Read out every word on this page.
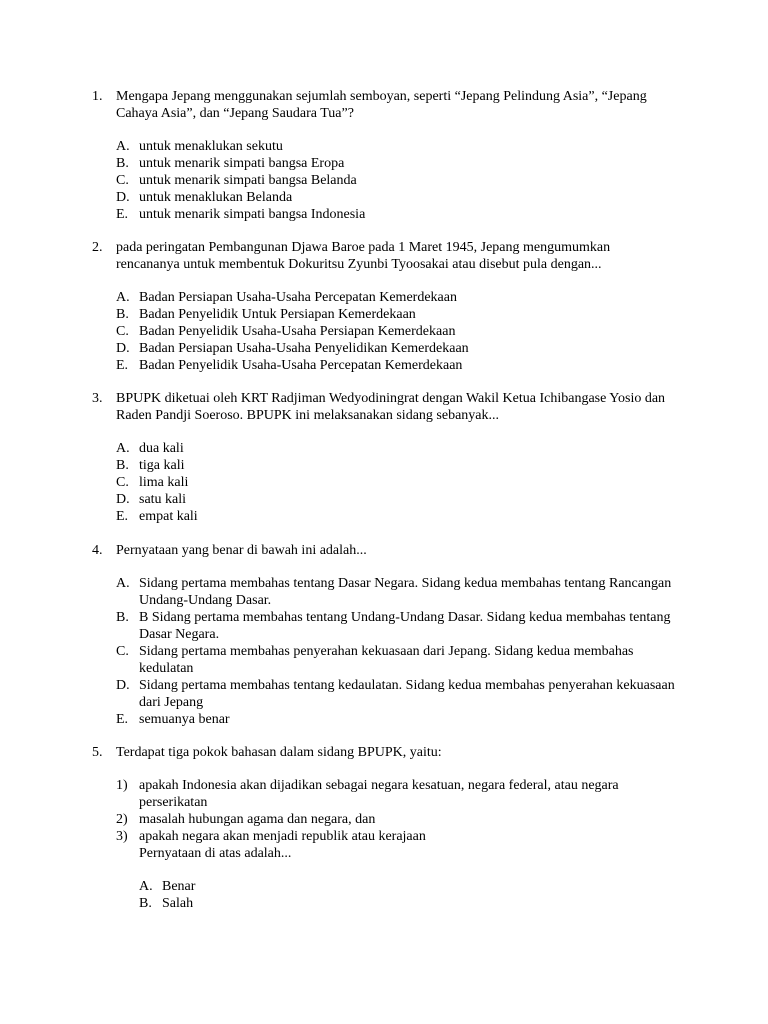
1. Mengapa Jepang menggunakan sejumlah semboyan, seperti “Jepang Pelindung Asia”, “Jepang Cahaya Asia”, dan “Jepang Saudara Tua”?
A. untuk menaklukan sekutu
B. untuk menarik simpati bangsa Eropa
C. untuk menarik simpati bangsa Belanda
D. untuk menaklukan Belanda
E. untuk menarik simpati bangsa Indonesia
2. pada peringatan Pembangunan Djawa Baroe pada 1 Maret 1945, Jepang mengumumkan rencananya untuk membentuk Dokuritsu Zyunbi Tyoosakai atau disebut pula dengan...
A. Badan Persiapan Usaha-Usaha Percepatan Kemerdekaan
B. Badan Penyelidik Untuk Persiapan Kemerdekaan
C. Badan Penyelidik Usaha-Usaha Persiapan Kemerdekaan
D. Badan Persiapan Usaha-Usaha Penyelidikan Kemerdekaan
E. Badan Penyelidik Usaha-Usaha Percepatan Kemerdekaan
3. BPUPK diketuai oleh KRT Radjiman Wedyodiningrat dengan Wakil Ketua Ichibangase Yosio dan Raden Pandji Soeroso. BPUPK ini melaksanakan sidang sebanyak...
A. dua kali
B. tiga kali
C. lima kali
D. satu kali
E. empat kali
4. Pernyataan yang benar di bawah ini adalah...
A. Sidang pertama membahas tentang Dasar Negara. Sidang kedua membahas tentang Rancangan Undang-Undang Dasar.
B. B Sidang pertama membahas tentang Undang-Undang Dasar. Sidang kedua membahas tentang Dasar Negara.
C. Sidang pertama membahas penyerahan kekuasaan dari Jepang. Sidang kedua membahas kedulatan
D. Sidang pertama membahas tentang kedaulatan. Sidang kedua membahas penyerahan kekuasaan dari Jepang
E. semuanya benar
5. Terdapat tiga pokok bahasan dalam sidang BPUPK, yaitu:
1) apakah Indonesia akan dijadikan sebagai negara kesatuan, negara federal, atau negara perserikatan
2) masalah hubungan agama dan negara, dan
3) apakah negara akan menjadi republik atau kerajaan
Pernyataan di atas adalah...
A. Benar
B. Salah
